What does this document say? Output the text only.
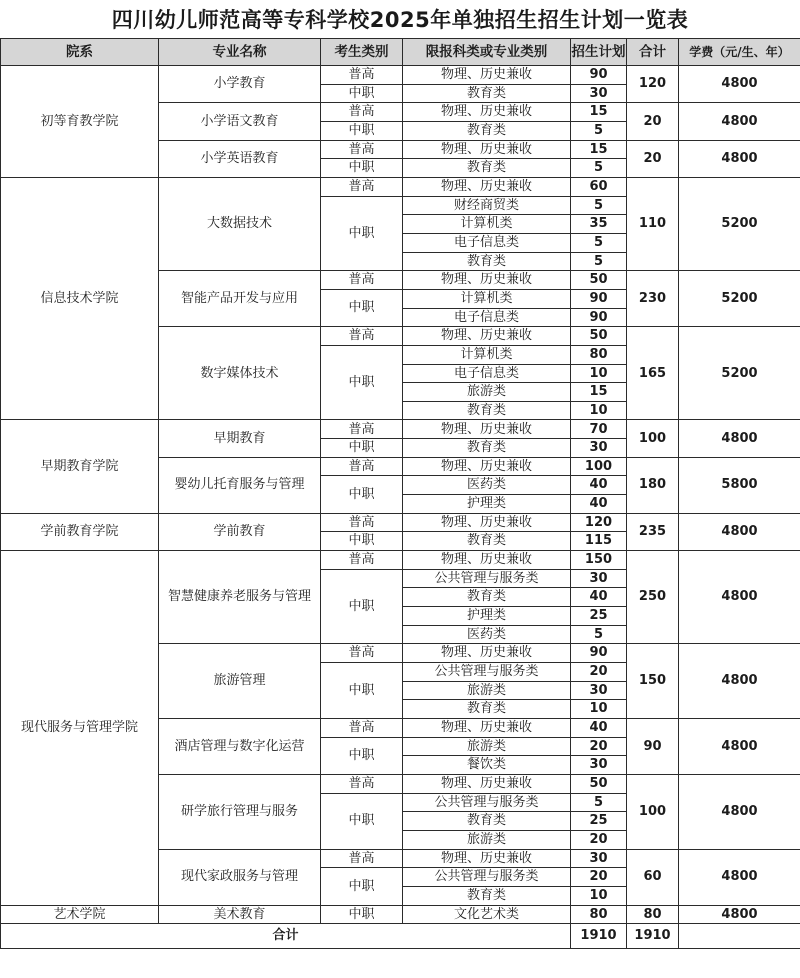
四川幼儿师范高等专科学校2025年单独招生招生计划一览表
院系	专业名称	考生类别	限报科类或专业类别	招生计划	合计	学费（元/生、年）
初等育教学院	小学教育	普高	物理、历史兼收	90	120	4800
		中职	教育类	30		
	小学语文教育	普高	物理、历史兼收	15	20	4800
		中职	教育类	5		
	小学英语教育	普高	物理、历史兼收	15	20	4800
		中职	教育类	5		
信息技术学院	大数据技术	普高	物理、历史兼收	60	110	5200
		中职	财经商贸类	5		
			计算机类	35		
			电子信息类	5		
			教育类	5		
	智能产品开发与应用	普高	物理、历史兼收	50	230	5200
		中职	计算机类	90		
			电子信息类	90		
	数字媒体技术	普高	物理、历史兼收	50	165	5200
		中职	计算机类	80		
			电子信息类	10		
			旅游类	15		
			教育类	10		
早期教育学院	早期教育	普高	物理、历史兼收	70	100	4800
		中职	教育类	30		
	婴幼儿托育服务与管理	普高	物理、历史兼收	100	180	5800
		中职	医药类	40		
			护理类	40		
学前教育学院	学前教育	普高	物理、历史兼收	120	235	4800
		中职	教育类	115		
现代服务与管理学院	智慧健康养老服务与管理	普高	物理、历史兼收	150	250	4800
		中职	公共管理与服务类	30		
			教育类	40		
			护理类	25		
			医药类	5		
	旅游管理	普高	物理、历史兼收	90	150	4800
		中职	公共管理与服务类	20		
			旅游类	30		
			教育类	10		
	酒店管理与数字化运营	普高	物理、历史兼收	40	90	4800
		中职	旅游类	20		
			餐饮类	30		
	研学旅行管理与服务	普高	物理、历史兼收	50	100	4800
		中职	公共管理与服务类	5		
			教育类	25		
			旅游类	20		
	现代家政服务与管理	普高	物理、历史兼收	30	60	4800
		中职	公共管理与服务类	20		
			教育类	10		
艺术学院	美术教育	中职	文化艺术类	80	80	4800
合计				1910	1910	
